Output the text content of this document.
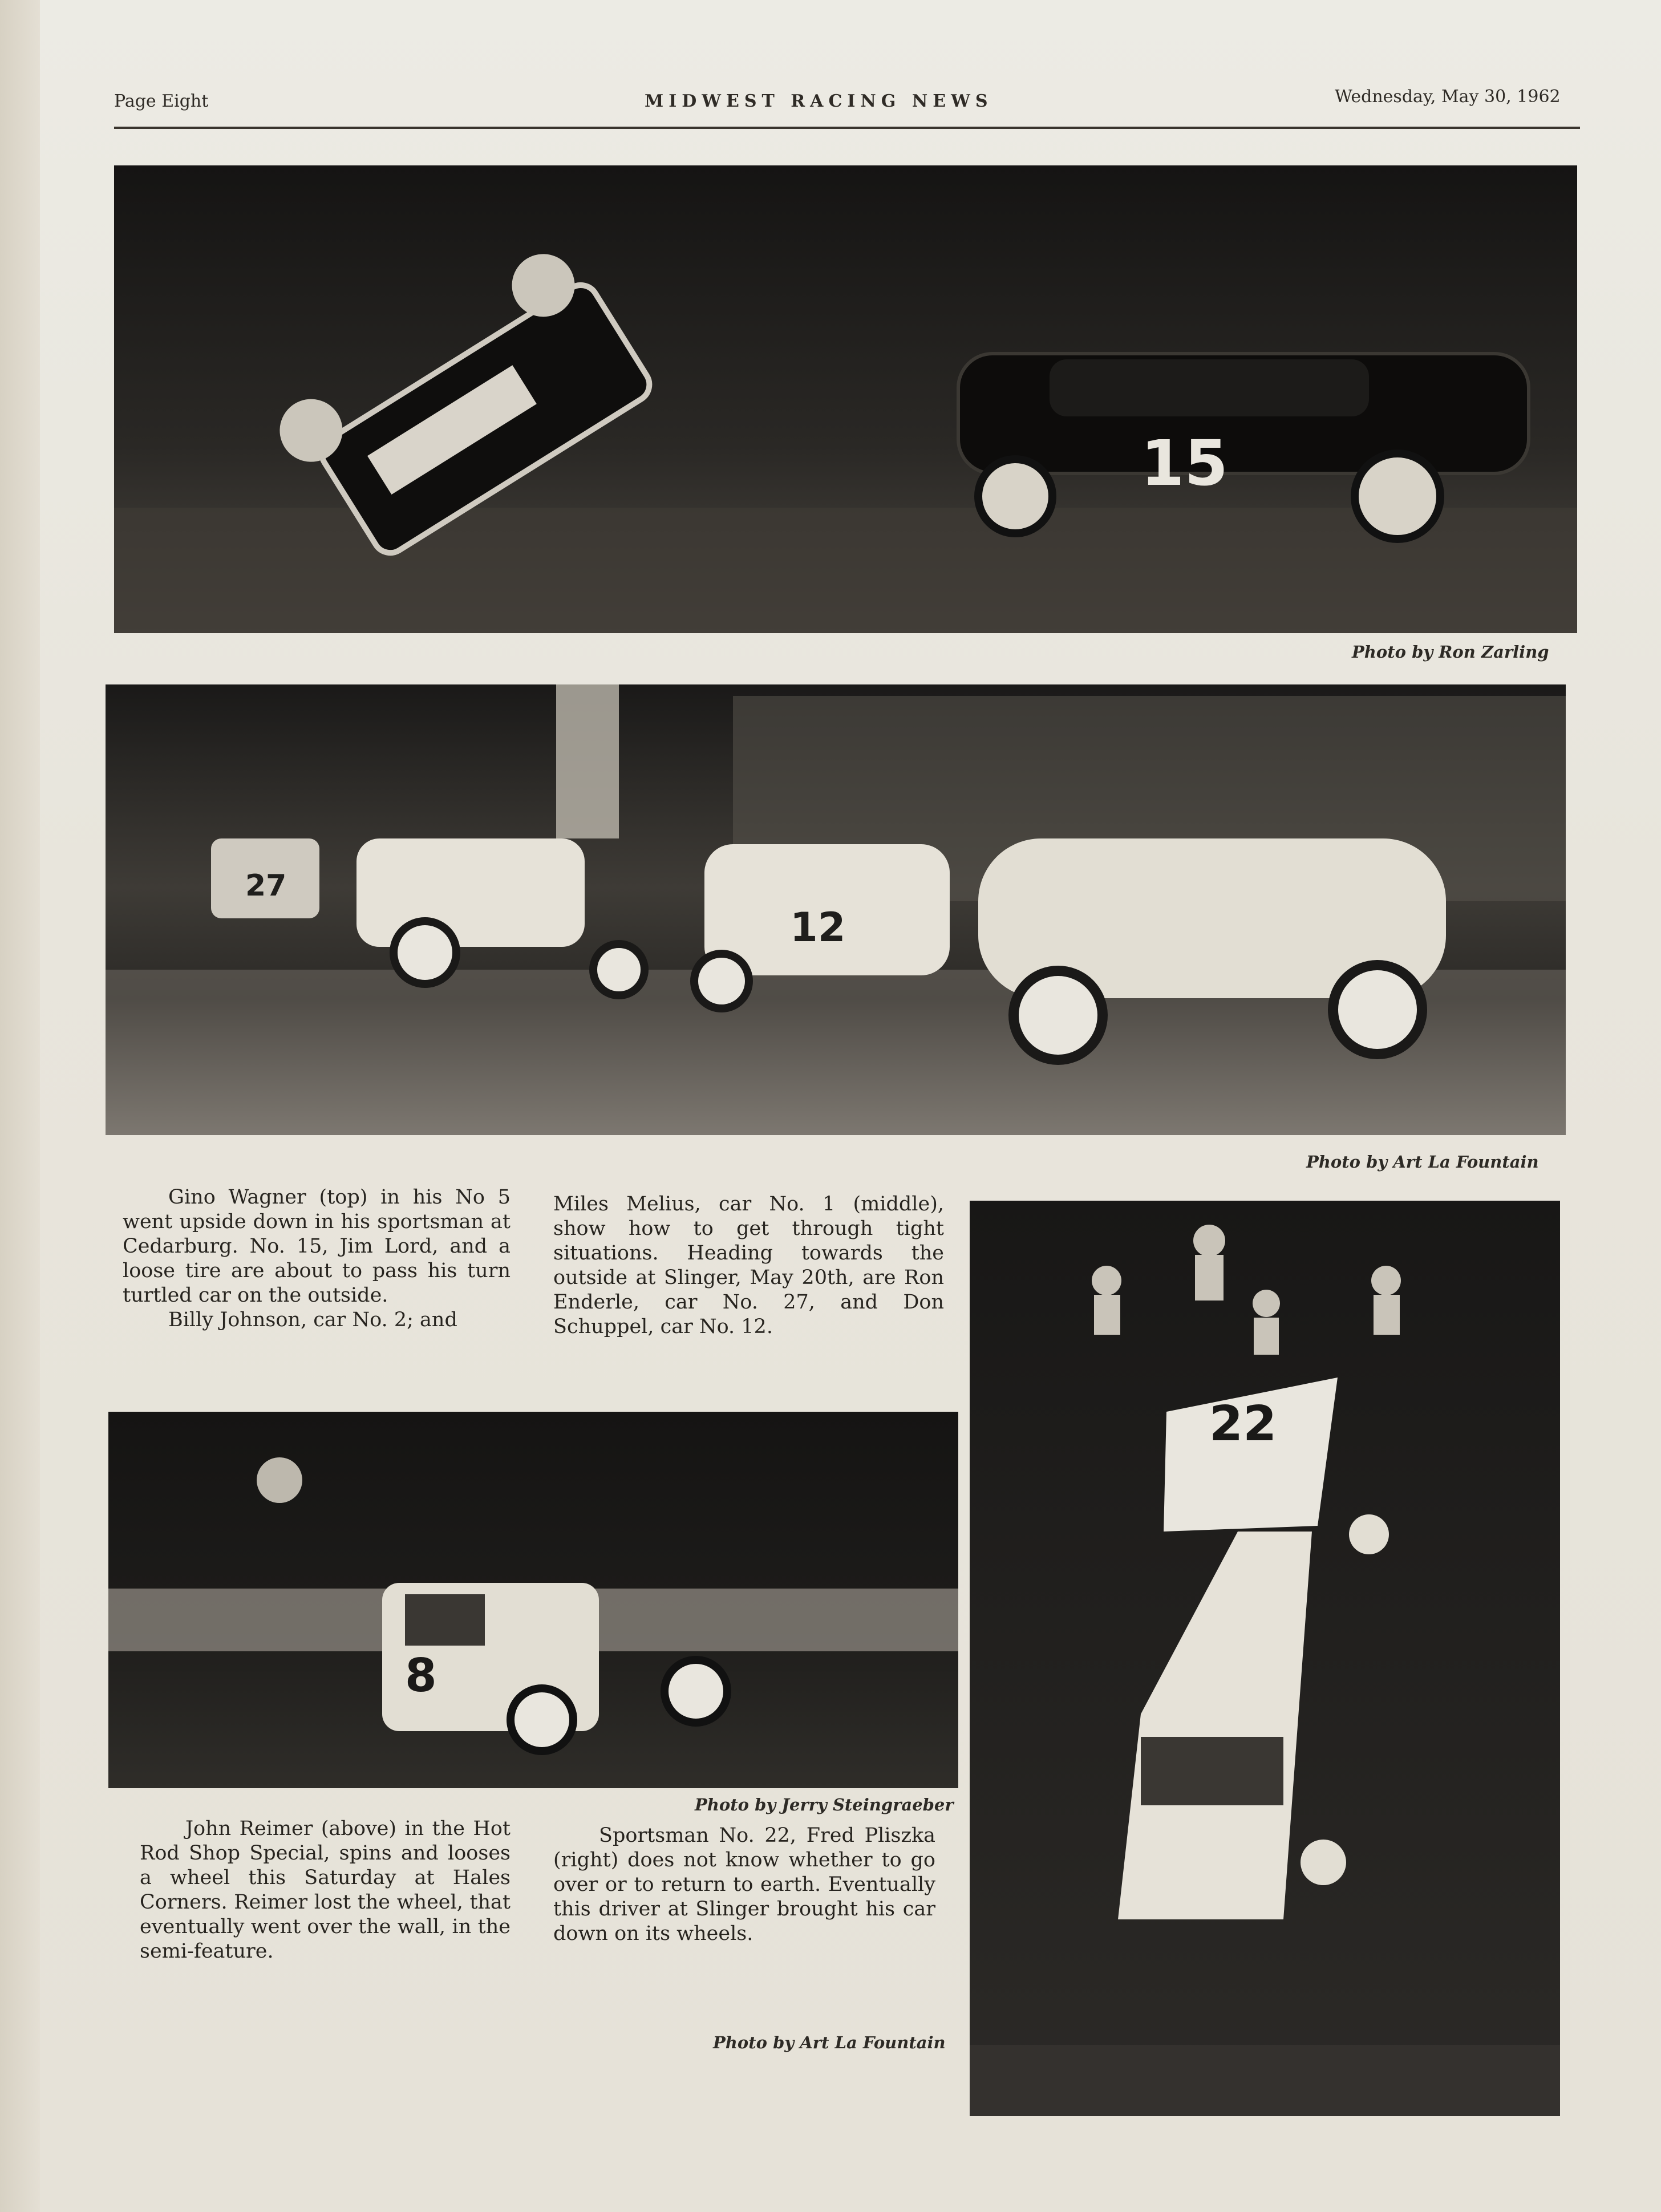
Page Eight	MIDWEST RACING NEWS	Wednesday, May 30, 1962
15
Photo by Ron Zarling
27
12
Photo by Art La Fountain

Gino Wagner (top) in his No 5 went upside down in his sportsman at Cedarburg. No. 15, Jim Lord, and a loose tire are about to pass his turn turtled car on the outside.

Billy Johnson, car No. 2; and

Miles Melius, car No. 1 (middle), show how to get through tight situations. Heading towards the outside at Slinger, May 20th, are Ron Enderle, car No. 27, and Don Schuppel, car No. 12.

22
8
Photo by Jerry Steingraeber

John Reimer (above) in the Hot Rod Shop Special, spins and looses a wheel this Saturday at Hales Corners. Reimer lost the wheel, that eventually went over the wall, in the semi-feature.

Sportsman No. 22, Fred Pliszka (right) does not know whether to go over or to return to earth. Eventually this driver at Slinger brought his car down on its wheels.

Photo by Art La Fountain
